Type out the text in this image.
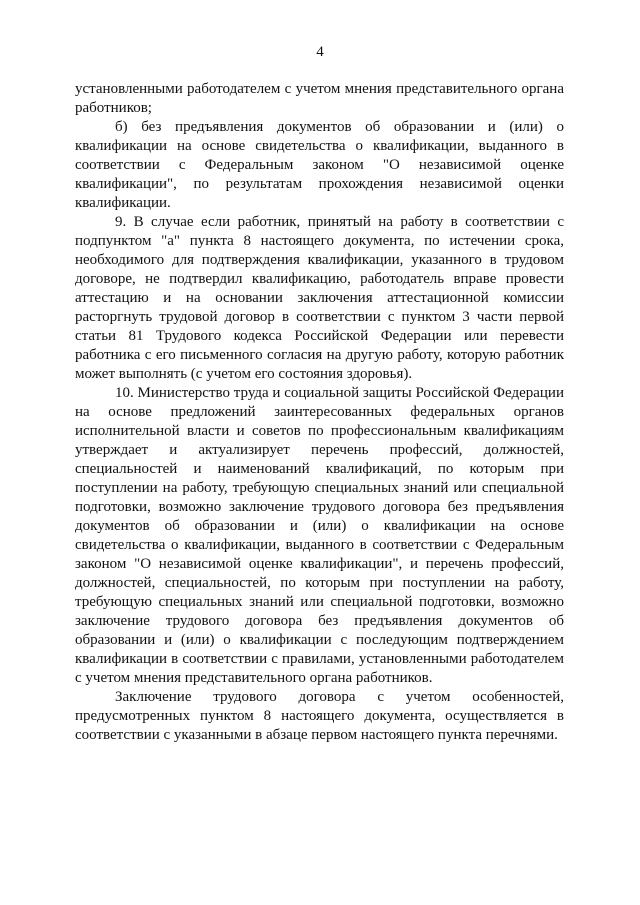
4

установленными работодателем с учетом мнения представительного органа работников;

б) без предъявления документов об образовании и (или) о квалификации на основе свидетельства о квалификации, выданного в соответствии с Федеральным законом "О независимой оценке квалификации", по результатам прохождения независимой оценки квалификации.

9. В случае если работник, принятый на работу в соответствии с подпунктом "а" пункта 8 настоящего документа, по истечении срока, необходимого для подтверждения квалификации, указанного в трудовом договоре, не подтвердил квалификацию, работодатель вправе провести аттестацию и на основании заключения аттестационной комиссии расторгнуть трудовой договор в соответствии с пунктом 3 части первой статьи 81 Трудового кодекса Российской Федерации или перевести работника с его письменного согласия на другую работу, которую работник может выполнять (с учетом его состояния здоровья).

10. Министерство труда и социальной защиты Российской Федерации на основе предложений заинтересованных федеральных органов исполнительной власти и советов по профессиональным квалификациям утверждает и актуализирует перечень профессий, должностей, специальностей и наименований квалификаций, по которым при поступлении на работу, требующую специальных знаний или специальной подготовки, возможно заключение трудового договора без предъявления документов об образовании и (или) о квалификации на основе свидетельства о квалификации, выданного в соответствии с Федеральным законом "О независимой оценке квалификации", и перечень профессий, должностей, специальностей, по которым при поступлении на работу, требующую специальных знаний или специальной подготовки, возможно заключение трудового договора без предъявления документов об образовании и (или) о квалификации с последующим подтверждением квалификации в соответствии с правилами, установленными работодателем с учетом мнения представительного органа работников.

Заключение трудового договора с учетом особенностей, предусмотренных пунктом 8 настоящего документа, осуществляется в соответствии с указанными в абзаце первом настоящего пункта перечнями.
